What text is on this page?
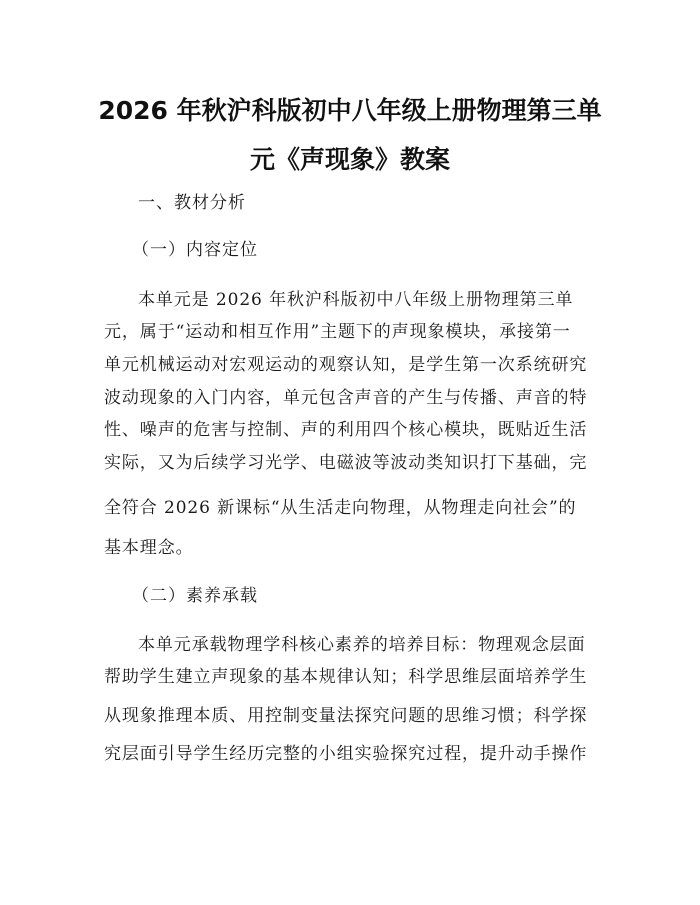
2026 年秋沪科版初中八年级上册物理第三单
元《声现象》教案
一、教材分析
（一）内容定位
本单元是 2026 年秋沪科版初中八年级上册物理第三单
元，属于“运动和相互作用”主题下的声现象模块，承接第一
单元机械运动对宏观运动的观察认知，是学生第一次系统研究
波动现象的入门内容，单元包含声音的产生与传播、声音的特
性、噪声的危害与控制、声的利用四个核心模块，既贴近生活
实际，又为后续学习光学、电磁波等波动类知识打下基础，完
全符合 2026 新课标“从生活走向物理，从物理走向社会”的
基本理念。
（二）素养承载
本单元承载物理学科核心素养的培养目标：物理观念层面
帮助学生建立声现象的基本规律认知；科学思维层面培养学生
从现象推理本质、用控制变量法探究问题的思维习惯；科学探
究层面引导学生经历完整的小组实验探究过程，提升动手操作
